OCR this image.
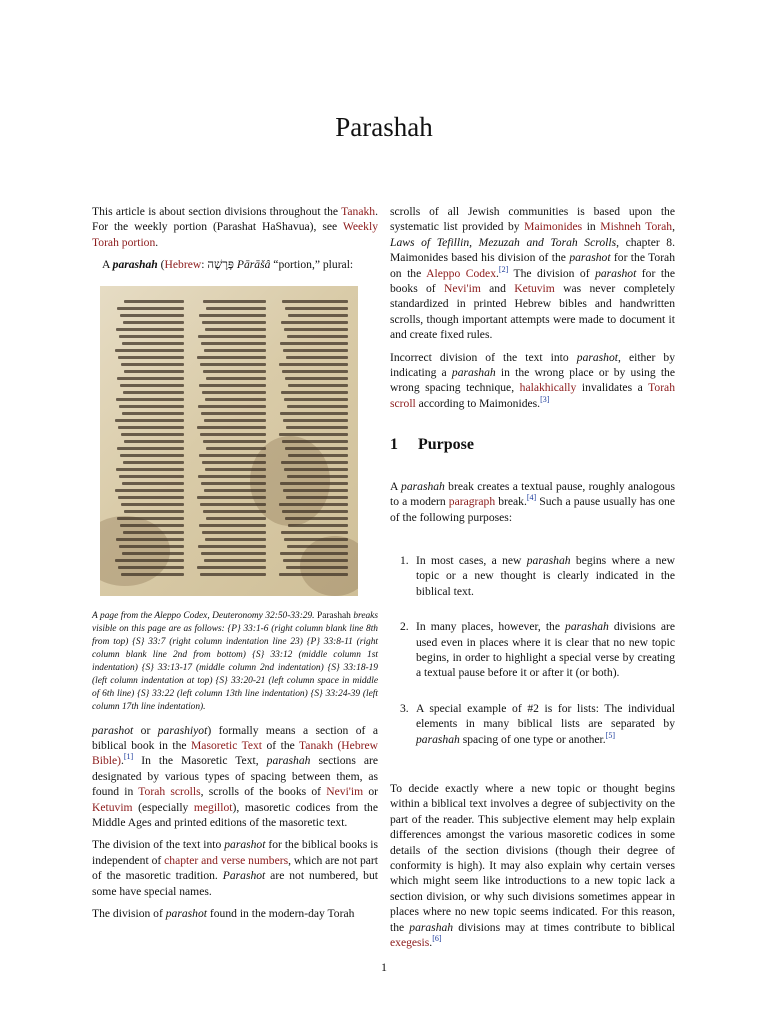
Parashah

This article is about section divisions throughout the Tanakh. For the weekly portion (Parashat HaShavua), see Weekly Torah portion.

A parashah (Hebrew: פָּרָשָׁה Pārāšâ “portion,” plural:

A page from the Aleppo Codex, Deuteronomy 32:50-33:29. Parashah breaks visible on this page are as follows: {P} 33:1-6 (right column blank line 8th from top) {S} 33:7 (right column indentation line 23) {P} 33:8-11 (right column blank line 2nd from bottom) {S} 33:12 (middle column 1st indentation) {S} 33:13-17 (middle column 2nd indentation) {S} 33:18-19 (left column indentation at top) {S} 33:20-21 (left column space in middle of 6th line) {S} 33:22 (left column 13th line indentation) {S} 33:24-39 (left column 17th line indentation).

parashot or parashiyot) formally means a section of a biblical book in the Masoretic Text of the Tanakh (Hebrew Bible).[1] In the Masoretic Text, parashah sections are designated by various types of spacing between them, as found in Torah scrolls, scrolls of the books of Nevi'im or Ketuvim (especially megillot), masoretic codices from the Middle Ages and printed editions of the masoretic text.

The division of the text into parashot for the biblical books is independent of chapter and verse numbers, which are not part of the masoretic tradition. Parashot are not numbered, but some have special names.

The division of parashot found in the modern-day Torah

scrolls of all Jewish communities is based upon the systematic list provided by Maimonides in Mishneh Torah, Laws of Tefillin, Mezuzah and Torah Scrolls, chapter 8. Maimonides based his division of the parashot for the Torah on the Aleppo Codex.[2] The division of parashot for the books of Nevi'im and Ketuvim was never completely standardized in printed Hebrew bibles and handwritten scrolls, though important attempts were made to document it and create fixed rules.

Incorrect division of the text into parashot, either by indicating a parashah in the wrong place or by using the wrong spacing technique, halakhically invalidates a Torah scroll according to Maimonides.[3]

1 Purpose

A parashah break creates a textual pause, roughly analogous to a modern paragraph break.[4] Such a pause usually has one of the following purposes:

1. In most cases, a new parashah begins where a new topic or a new thought is clearly indicated in the biblical text.
2. In many places, however, the parashah divisions are used even in places where it is clear that no new topic begins, in order to highlight a special verse by creating a textual pause before it or after it (or both).
3. A special example of #2 is for lists: The individual elements in many biblical lists are separated by parashah spacing of one type or another.[5]

To decide exactly where a new topic or thought begins within a biblical text involves a degree of subjectivity on the part of the reader. This subjective element may help explain differences amongst the various masoretic codices in some details of the section divisions (though their degree of conformity is high). It may also explain why certain verses which might seem like introductions to a new topic lack a section division, or why such divisions sometimes appear in places where no new topic seems indicated. For this reason, the parashah divisions may at times contribute to biblical exegesis.[6]

1
